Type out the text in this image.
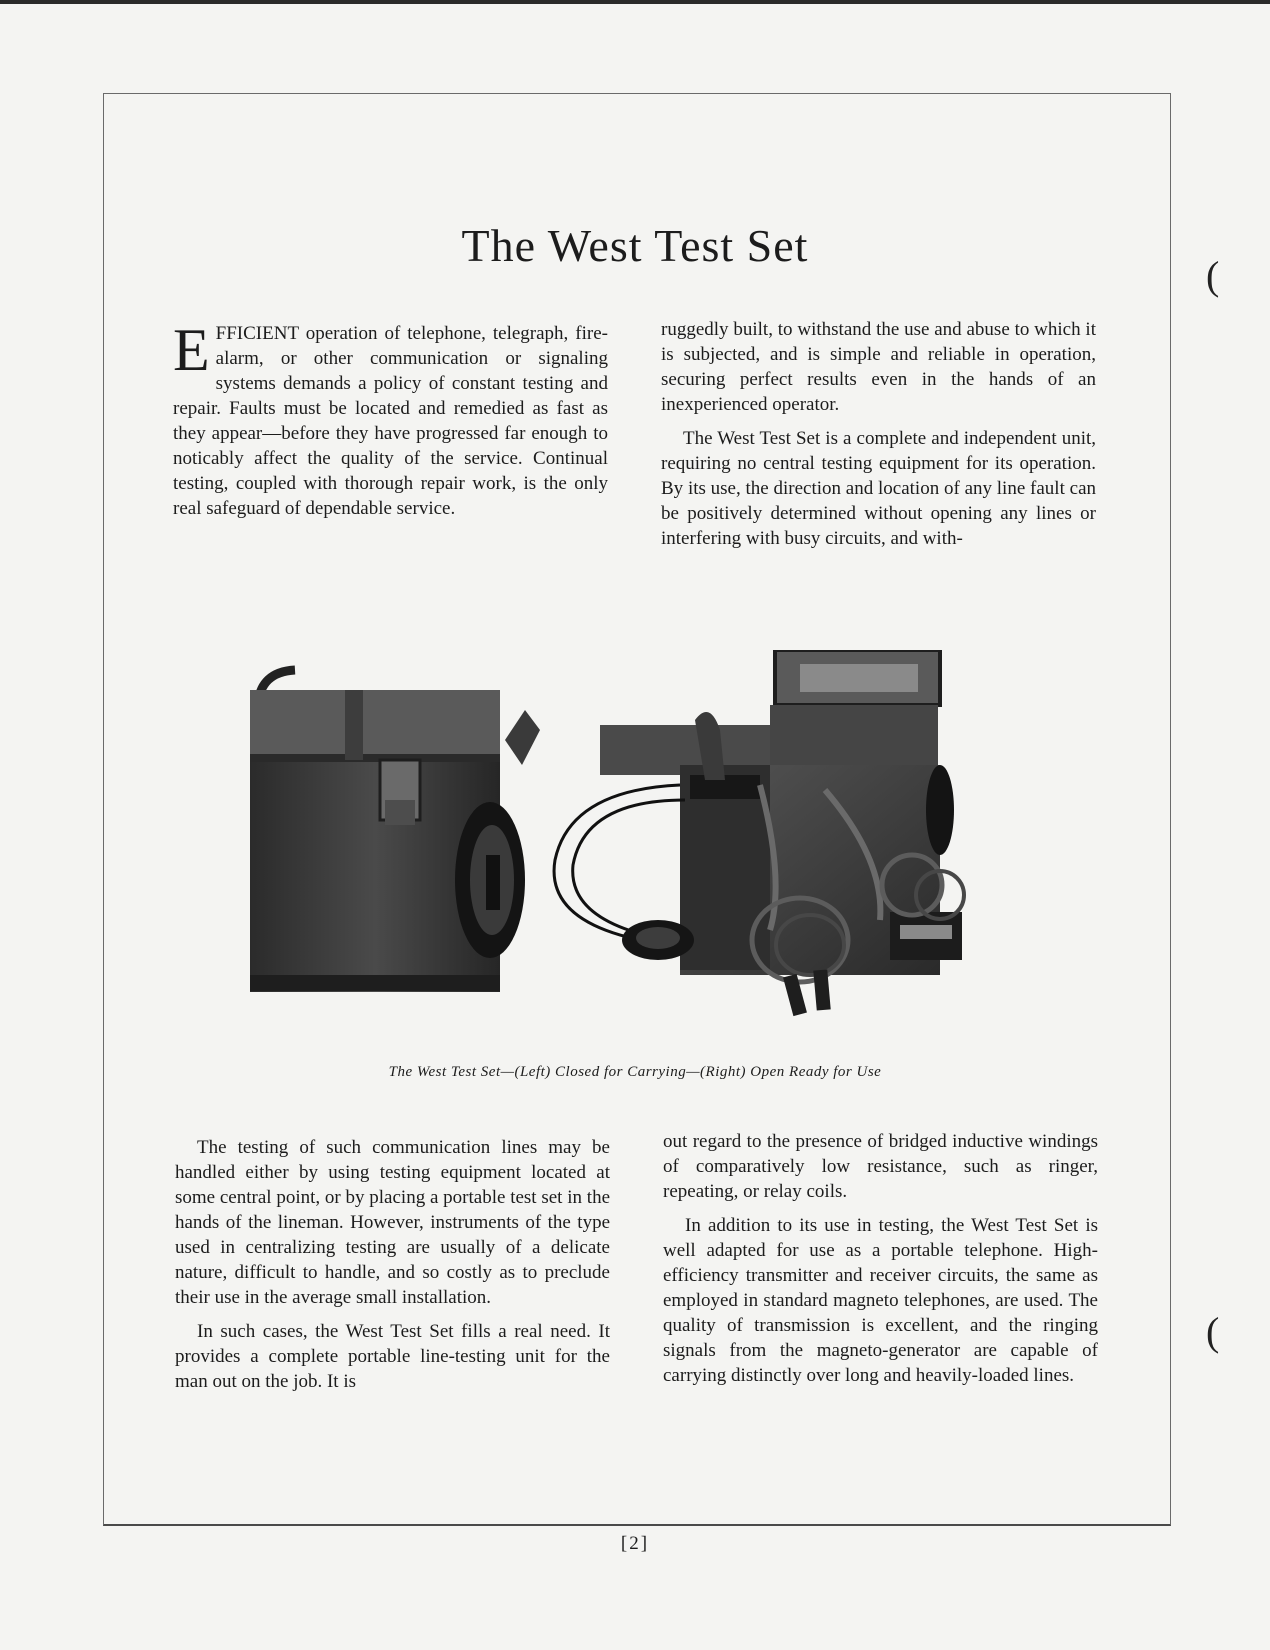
(
(
The West Test Set

EFFICIENT operation of telephone, telegraph, fire-alarm, or other communication or signaling systems demands a policy of constant testing and repair. Faults must be located and remedied as fast as they appear—before they have progressed far enough to noticably affect the quality of the service. Continual testing, coupled with thorough repair work, is the only real safeguard of dependable service.

ruggedly built, to withstand the use and abuse to which it is subjected, and is simple and reliable in operation, securing perfect results even in the hands of an inexperienced operator.

The West Test Set is a complete and independent unit, requiring no central testing equipment for its operation. By its use, the direction and location of any line fault can be positively determined without opening any lines or interfering with busy circuits, and with-

The West Test Set—(Left) Closed for Carrying—(Right) Open Ready for Use

The testing of such communication lines may be handled either by using testing equipment located at some central point, or by placing a portable test set in the hands of the lineman. However, instruments of the type used in centralizing testing are usually of a delicate nature, difficult to handle, and so costly as to preclude their use in the average small installation.

In such cases, the West Test Set fills a real need. It provides a complete portable line-testing unit for the man out on the job. It is

out regard to the presence of bridged inductive windings of comparatively low resistance, such as ringer, repeating, or relay coils.

In addition to its use in testing, the West Test Set is well adapted for use as a portable telephone. High-efficiency transmitter and receiver circuits, the same as employed in standard magneto telephones, are used. The quality of transmission is excellent, and the ringing signals from the magneto-generator are capable of carrying distinctly over long and heavily-loaded lines.

[2]
